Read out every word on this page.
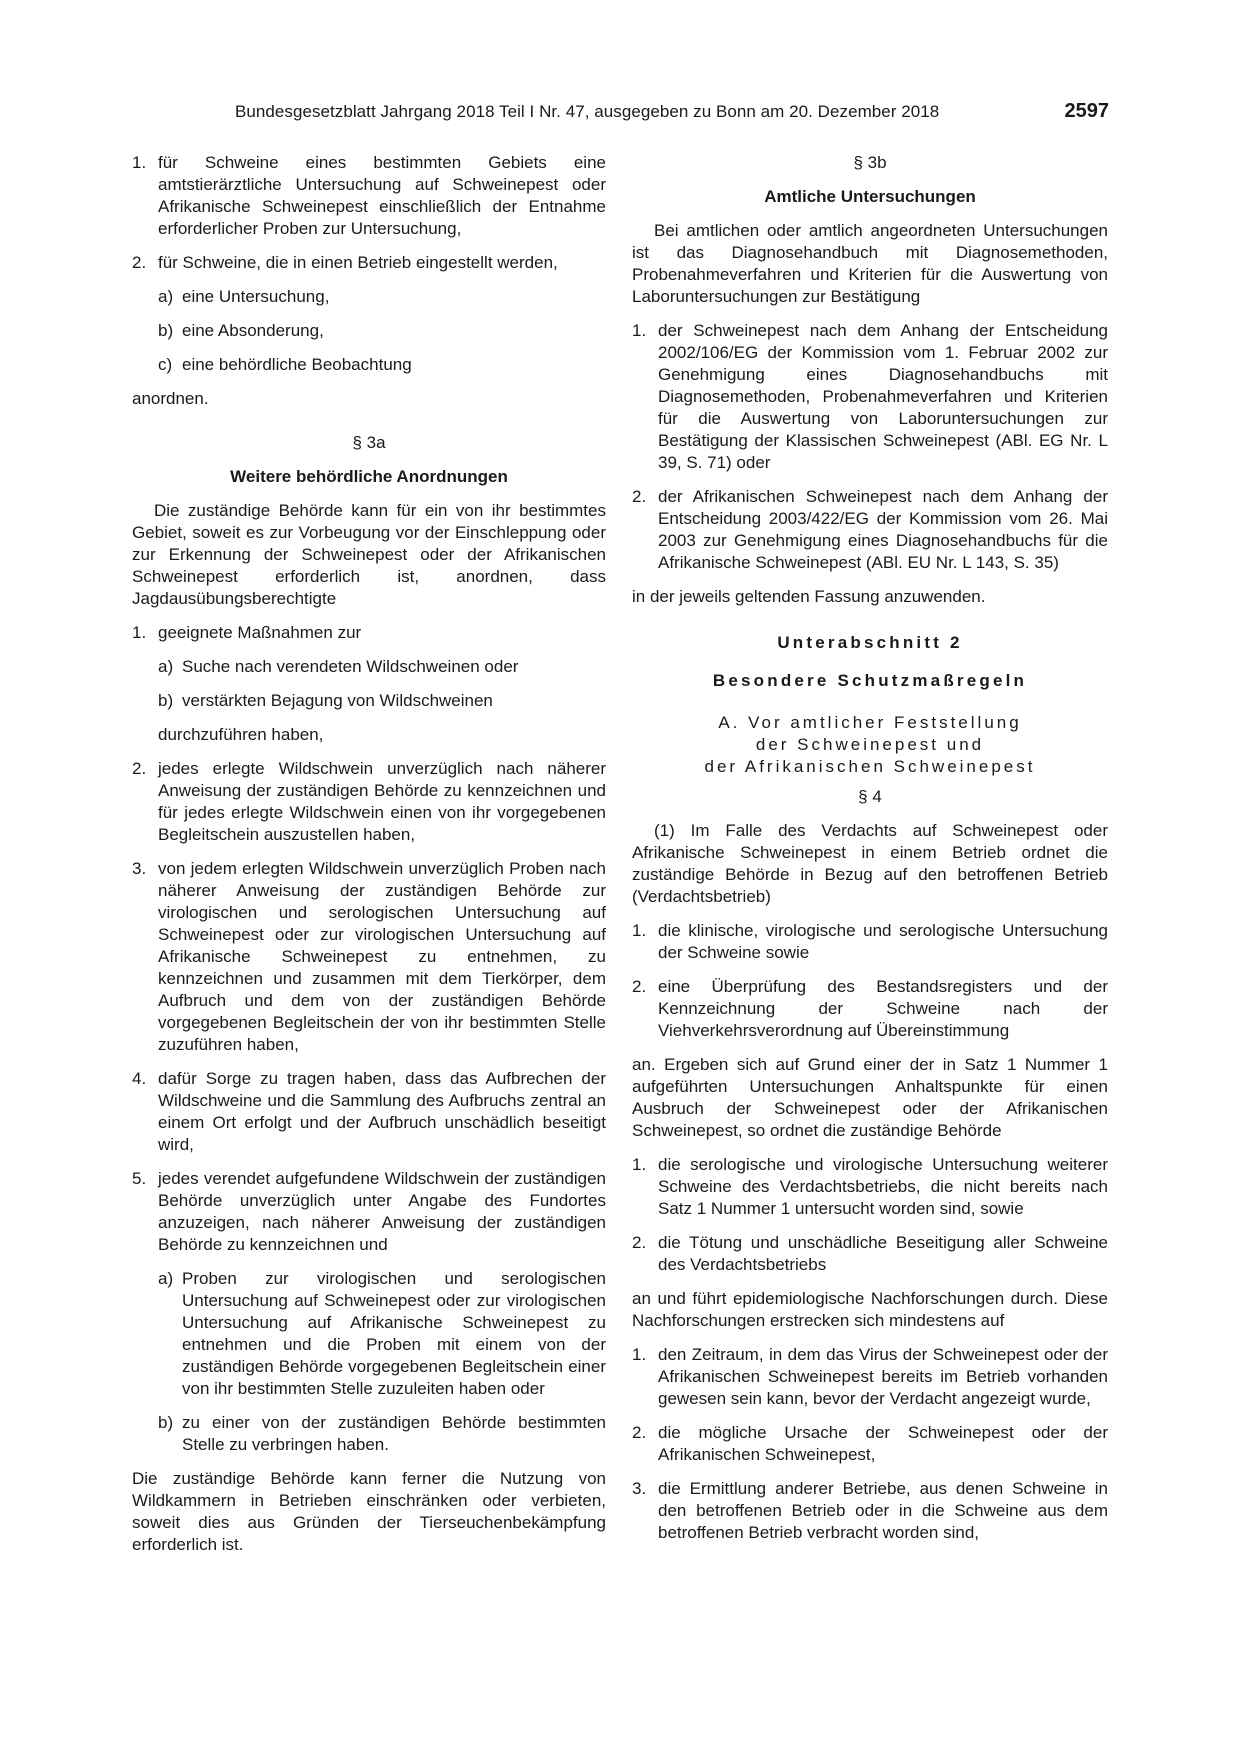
Bundesgesetzblatt Jahrgang 2018 Teil I Nr. 47, ausgegeben zu Bonn am 20. Dezember 2018	2597
1. für Schweine eines bestimmten Gebiets eine amtstierärztliche Untersuchung auf Schweinepest oder Afrikanische Schweinepest einschließlich der Entnahme erforderlicher Proben zur Untersuchung,
2. für Schweine, die in einen Betrieb eingestellt werden,
a) eine Untersuchung,
b) eine Absonderung,
c) eine behördliche Beobachtung

anordnen.

§ 3a

Weitere behördliche Anordnungen

Die zuständige Behörde kann für ein von ihr bestimmtes Gebiet, soweit es zur Vorbeugung vor der Einschleppung oder zur Erkennung der Schweinepest oder der Afrikanischen Schweinepest erforderlich ist, anordnen, dass Jagdausübungsberechtigte

1. geeignete Maßnahmen zur
a) Suche nach verendeten Wildschweinen oder
b) verstärkten Bejagung von Wildschweinen

durchzuführen haben,

2. jedes erlegte Wildschwein unverzüglich nach näherer Anweisung der zuständigen Behörde zu kennzeichnen und für jedes erlegte Wildschwein einen von ihr vorgegebenen Begleitschein auszustellen haben,
3. von jedem erlegten Wildschwein unverzüglich Proben nach näherer Anweisung der zuständigen Behörde zur virologischen und serologischen Untersuchung auf Schweinepest oder zur virologischen Untersuchung auf Afrikanische Schweinepest zu entnehmen, zu kennzeichnen und zusammen mit dem Tierkörper, dem Aufbruch und dem von der zuständigen Behörde vorgegebenen Begleitschein der von ihr bestimmten Stelle zuzuführen haben,
4. dafür Sorge zu tragen haben, dass das Aufbrechen der Wildschweine und die Sammlung des Aufbruchs zentral an einem Ort erfolgt und der Aufbruch unschädlich beseitigt wird,
5. jedes verendet aufgefundene Wildschwein der zuständigen Behörde unverzüglich unter Angabe des Fundortes anzuzeigen, nach näherer Anweisung der zuständigen Behörde zu kennzeichnen und
a) Proben zur virologischen und serologischen Untersuchung auf Schweinepest oder zur virologischen Untersuchung auf Afrikanische Schweinepest zu entnehmen und die Proben mit einem von der zuständigen Behörde vorgegebenen Begleitschein einer von ihr bestimmten Stelle zuzuleiten haben oder
b) zu einer von der zuständigen Behörde bestimmten Stelle zu verbringen haben.

Die zuständige Behörde kann ferner die Nutzung von Wildkammern in Betrieben einschränken oder verbieten, soweit dies aus Gründen der Tierseuchenbekämpfung erforderlich ist.

§ 3b

Amtliche Untersuchungen

Bei amtlichen oder amtlich angeordneten Untersuchungen ist das Diagnosehandbuch mit Diagnosemethoden, Probenahmeverfahren und Kriterien für die Auswertung von Laboruntersuchungen zur Bestätigung

1. der Schweinepest nach dem Anhang der Entscheidung 2002/106/EG der Kommission vom 1. Februar 2002 zur Genehmigung eines Diagnosehandbuchs mit Diagnosemethoden, Probenahmeverfahren und Kriterien für die Auswertung von Laboruntersuchungen zur Bestätigung der Klassischen Schweinepest (ABl. EG Nr. L 39, S. 71) oder
2. der Afrikanischen Schweinepest nach dem Anhang der Entscheidung 2003/422/EG der Kommission vom 26. Mai 2003 zur Genehmigung eines Diagnosehandbuchs für die Afrikanische Schweinepest (ABl. EU Nr. L 143, S. 35)

in der jeweils geltenden Fassung anzuwenden.

Unterabschnitt 2

Besondere Schutzmaßregeln

A. Vor amtlicher Feststellung

der Schweinepest und

der Afrikanischen Schweinepest

§ 4

(1) Im Falle des Verdachts auf Schweinepest oder Afrikanische Schweinepest in einem Betrieb ordnet die zuständige Behörde in Bezug auf den betroffenen Betrieb (Verdachtsbetrieb)

1. die klinische, virologische und serologische Untersuchung der Schweine sowie
2. eine Überprüfung des Bestandsregisters und der Kennzeichnung der Schweine nach der Viehverkehrsverordnung auf Übereinstimmung

an. Ergeben sich auf Grund einer der in Satz 1 Nummer 1 aufgeführten Untersuchungen Anhaltspunkte für einen Ausbruch der Schweinepest oder der Afrikanischen Schweinepest, so ordnet die zuständige Behörde

1. die serologische und virologische Untersuchung weiterer Schweine des Verdachtsbetriebs, die nicht bereits nach Satz 1 Nummer 1 untersucht worden sind, sowie
2. die Tötung und unschädliche Beseitigung aller Schweine des Verdachtsbetriebs

an und führt epidemiologische Nachforschungen durch. Diese Nachforschungen erstrecken sich mindestens auf

1. den Zeitraum, in dem das Virus der Schweinepest oder der Afrikanischen Schweinepest bereits im Betrieb vorhanden gewesen sein kann, bevor der Verdacht angezeigt wurde,
2. die mögliche Ursache der Schweinepest oder der Afrikanischen Schweinepest,
3. die Ermittlung anderer Betriebe, aus denen Schweine in den betroffenen Betrieb oder in die Schweine aus dem betroffenen Betrieb verbracht worden sind,
